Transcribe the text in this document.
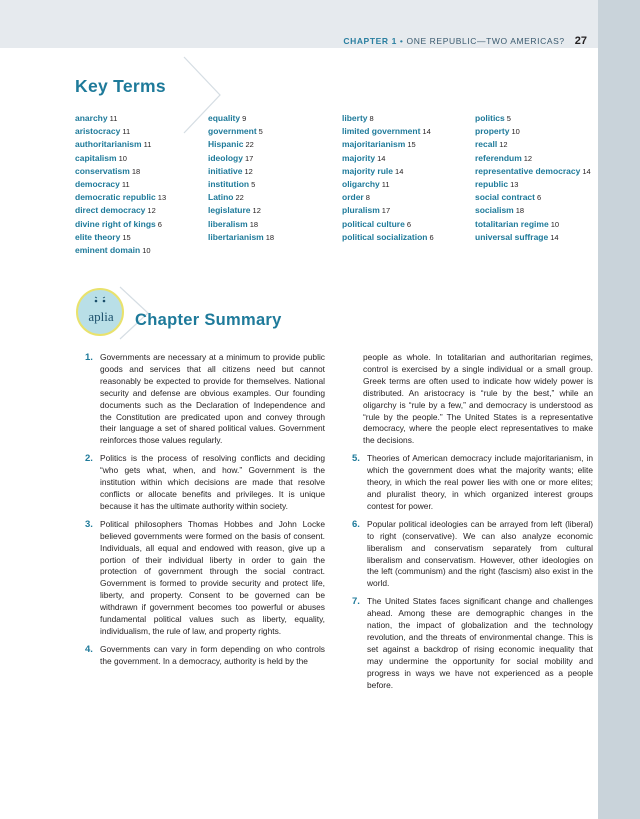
CHAPTER 1 • ONE REPUBLIC—TWO AMERICAS? 27
Key Terms
anarchy 11
aristocracy 11
authoritarianism 11
capitalism 10
conservatism 18
democracy 11
democratic republic 13
direct democracy 12
divine right of kings 6
elite theory 15
eminent domain 10
equality 9
government 5
Hispanic 22
ideology 17
initiative 12
institution 5
Latino 22
legislature 12
liberalism 18
libertarianism 18
liberty 8
limited government 14
majoritarianism 15
majority 14
majority rule 14
oligarchy 11
order 8
pluralism 17
political culture 6
political socialization 6
politics 5
property 10
recall 12
referendum 12
representative democracy 14
republic 13
social contract 6
socialism 18
totalitarian regime 10
universal suffrage 14
aplia	Chapter Summary
1. Governments are necessary at a minimum to provide public goods and services that all citizens need but cannot reasonably be expected to provide for themselves. National security and defense are obvious examples. Our founding documents such as the Declaration of Independence and the Constitution are predicated upon and convey through their language a set of shared political values. Government reinforces those values regularly.
2. Politics is the process of resolving conflicts and deciding “who gets what, when, and how.” Government is the institution within which decisions are made that resolve conflicts or allocate benefits and privileges. It is unique because it has the ultimate authority within society.
3. Political philosophers Thomas Hobbes and John Locke believed governments were formed on the basis of consent. Individuals, all equal and endowed with reason, give up a portion of their individual liberty in order to gain the protection of government through the social contract. Government is formed to provide security and protect life, liberty, and property. Consent to be governed can be withdrawn if government becomes too powerful or abuses fundamental political values such as liberty, equality, individualism, the rule of law, and property rights.
4. Governments can vary in form depending on who controls the government. In a democracy, authority is held by the
people as whole. In totalitarian and authoritarian regimes, control is exercised by a single individual or a small group. Greek terms are often used to indicate how widely power is distributed. An aristocracy is “rule by the best,” while an oligarchy is “rule by a few,” and democracy is understood as “rule by the people.” The United States is a representative democracy, where the people elect representatives to make the decisions.
5. Theories of American democracy include majoritarianism, in which the government does what the majority wants; elite theory, in which the real power lies with one or more elites; and pluralist theory, in which organized interest groups contest for power.
6. Popular political ideologies can be arrayed from left (liberal) to right (conservative). We can also analyze economic liberalism and conservatism separately from cultural liberalism and conservatism. However, other ideologies on the left (communism) and the right (fascism) also exist in the world.
7. The United States faces significant change and challenges ahead. Among these are demographic changes in the nation, the impact of globalization and the technology revolution, and the threats of environmental change. This is set against a backdrop of rising economic inequality that may undermine the opportunity for social mobility and progress in ways we have not experienced as a people before.
